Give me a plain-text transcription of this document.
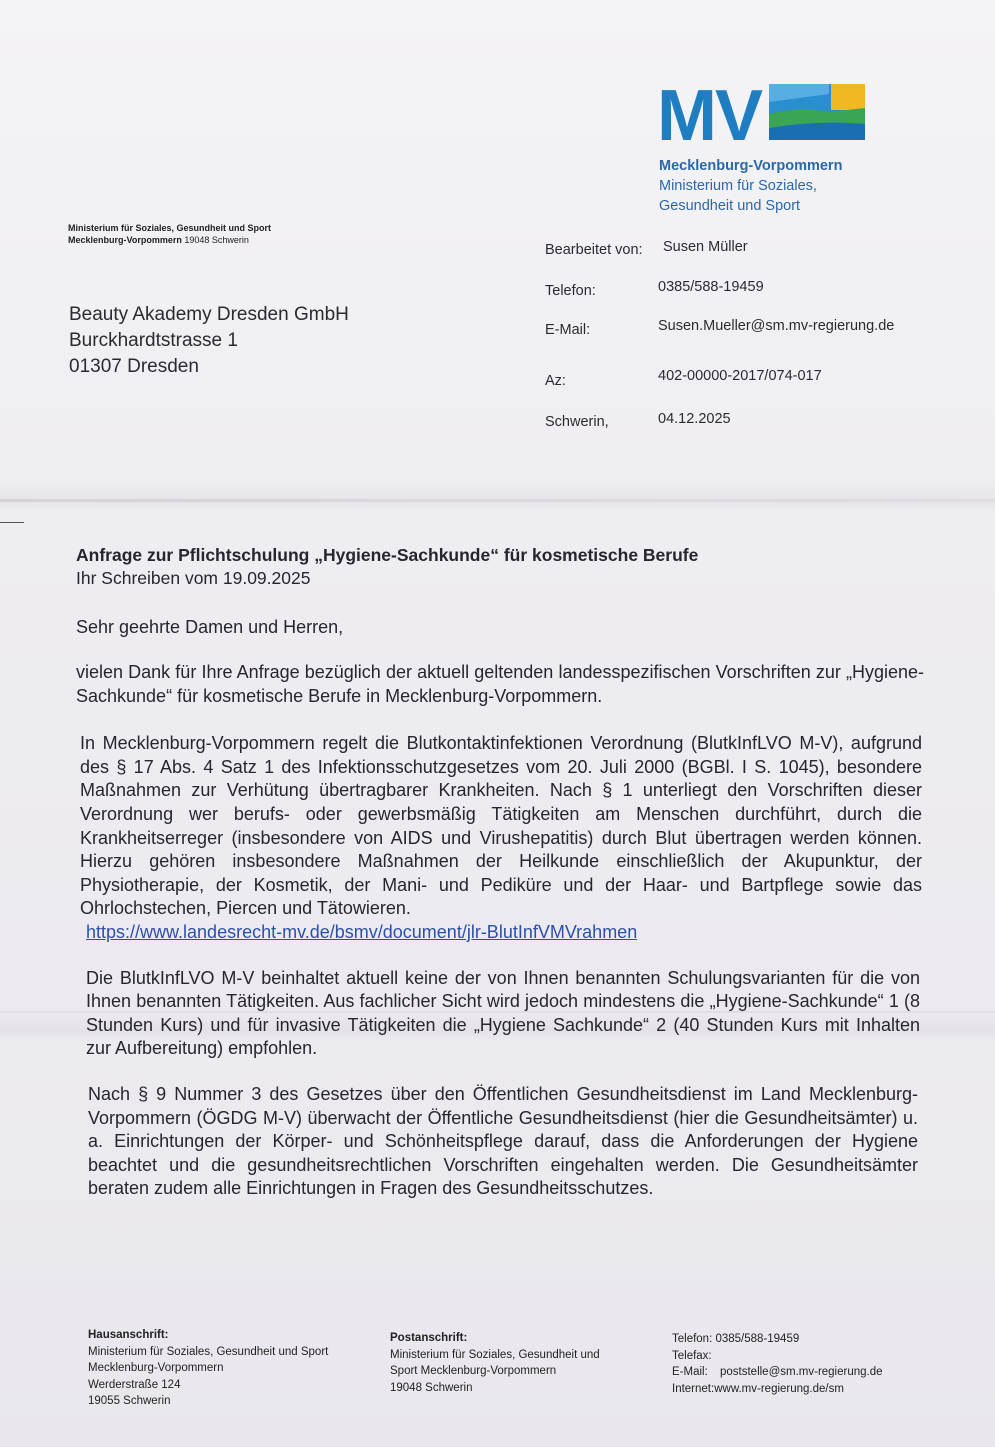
MV
Mecklenburg-Vorpommern
Ministerium für Soziales,
Gesundheit und Sport
Ministerium für Soziales, Gesundheit und Sport
Mecklenburg-Vorpommern 19048 Schwerin
Beauty Akademy Dresden GmbH
Burckhardtstrasse 1
01307 Dresden
Bearbeitet von: Susen Müller
Telefon:	0385/588-19459
E-Mail:	Susen.Mueller@sm.mv-regierung.de
Az:	402-00000-2017/074-017
Schwerin,	04.12.2025

Anfrage zur Pflichtschulung „Hygiene-Sachkunde“ für kosmetische Berufe

Ihr Schreiben vom 19.09.2025

Sehr geehrte Damen und Herren,

vielen Dank für Ihre Anfrage bezüglich der aktuell geltenden landesspezifischen Vorschriften zur „Hygiene-Sachkunde“ für kosmetische Berufe in Mecklenburg-Vorpommern.

In Mecklenburg-Vorpommern regelt die Blutkontaktinfektionen Verordnung (BlutkInfLVO M-V), aufgrund des § 17 Abs. 4 Satz 1 des Infektionsschutzgesetzes vom 20. Juli 2000 (BGBl. I S. 1045), besondere Maßnahmen zur Verhütung übertragbarer Krankheiten. Nach § 1 unterliegt den Vorschriften dieser Verordnung wer berufs- oder gewerbsmäßig Tätigkeiten am Menschen durchführt, durch die Krankheitserreger (insbesondere von AIDS und Virushepatitis) durch Blut übertragen werden können. Hierzu gehören insbesondere Maßnahmen der Heilkunde einschließlich der Akupunktur, der Physiotherapie, der Kosmetik, der Mani- und Pediküre und der Haar- und Bartpflege sowie das Ohrlochstechen, Piercen und Tätowieren.
https://www.landesrecht-mv.de/bsmv/document/jlr-BlutInfVMVrahmen

Die BlutkInfLVO M-V beinhaltet aktuell keine der von Ihnen benannten Schulungsvarianten für die von Ihnen benannten Tätigkeiten. Aus fachlicher Sicht wird jedoch mindestens die „Hygiene-Sachkunde“ 1 (8 Stunden Kurs) und für invasive Tätigkeiten die „Hygiene Sachkunde“ 2 (40 Stunden Kurs mit Inhalten zur Aufbereitung) empfohlen.

Nach § 9 Nummer 3 des Gesetzes über den Öffentlichen Gesundheitsdienst im Land Mecklenburg-Vorpommern (ÖGDG M-V) überwacht der Öffentliche Gesundheitsdienst (hier die Gesundheitsämter) u. a. Einrichtungen der Körper- und Schönheitspflege darauf, dass die Anforderungen der Hygiene beachtet und die gesundheitsrechtlichen Vorschriften eingehalten werden. Die Gesundheitsämter beraten zudem alle Einrichtungen in Fragen des Gesundheitsschutzes.

Hausanschrift:
Ministerium für Soziales, Gesundheit und Sport
Mecklenburg-Vorpommern
Werderstraße 124
19055 Schwerin
Postanschrift:
Ministerium für Soziales, Gesundheit und
Sport Mecklenburg-Vorpommern
19048 Schwerin
Telefon: 0385/588-19459
Telefax:
E-Mail: poststelle@sm.mv-regierung.de
Internet:www.mv-regierung.de/sm
